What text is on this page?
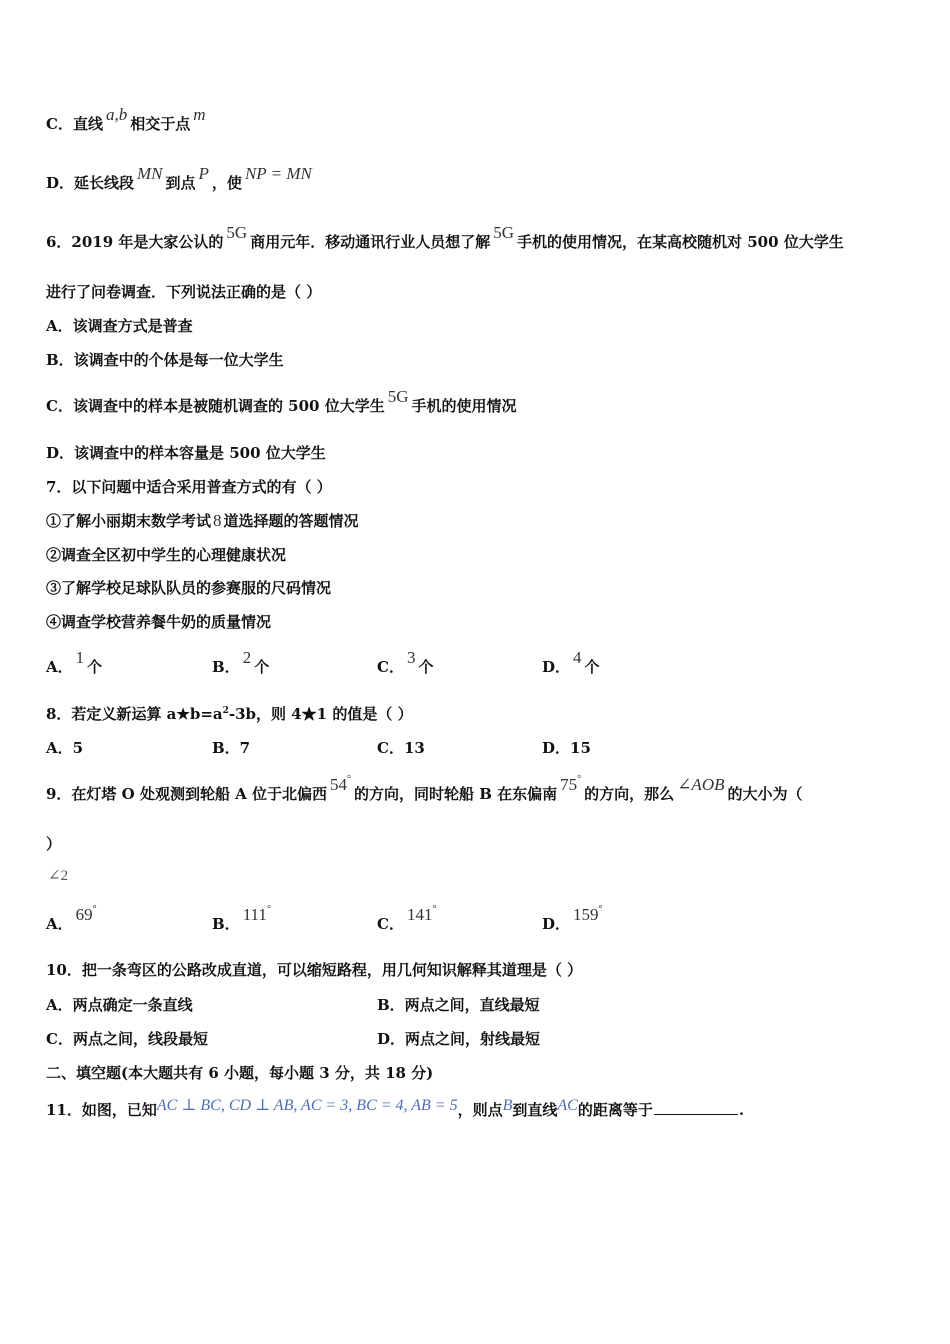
C．直线 a,b 相交于点 m
D．延长线段 MN 到点 P ，使 NP = MN
6．2019 年是大家公认的 5G 商用元年．移动通讯行业人员想了解 5G 手机的使用情况，在某高校随机对 500 位大学生
进行了问卷调查．下列说法正确的是（ ）
A．该调查方式是普查
B．该调查中的个体是每一位大学生
C．该调查中的样本是被随机调查的 500 位大学生 5G 手机的使用情况
D．该调查中的样本容量是 500 位大学生
7．以下问题中适合采用普查方式的有（ ）
①了解小丽期末数学考试 8 道选择题的答题情况
②调查全区初中学生的心理健康状况
③了解学校足球队队员的参赛服的尺码情况
④调查学校营养餐牛奶的质量情况
A． 1 个	B． 2 个	C． 3 个	D． 4 个
8．若定义新运算 $a★b=a^2-3b$，则 4★1 的值是（ ）
A．5	B．7	C．13	D．15
9．在灯塔 O 处观测到轮船 A 位于北偏西 54°的方向，同时轮船 B 在东偏南 75°的方向，那么 ∠AOB 的大小为（
）
∠2
A． 69°
B． 111°
C． 141°
D． 159°
10．把一条弯区的公路改成直道，可以缩短路程，用几何知识解释其道理是（ ）
A．两点确定一条直线	B．两点之间，直线最短
C．两点之间，线段最短	D．两点之间，射线最短
二、填空题(本大题共有 6 小题，每小题 3 分，共 18 分)
11．如图，已知AC ⊥ BC, CD ⊥ AB, AC = 3, BC = 4, AB = 5，则点B到直线AC的距离等于	.
